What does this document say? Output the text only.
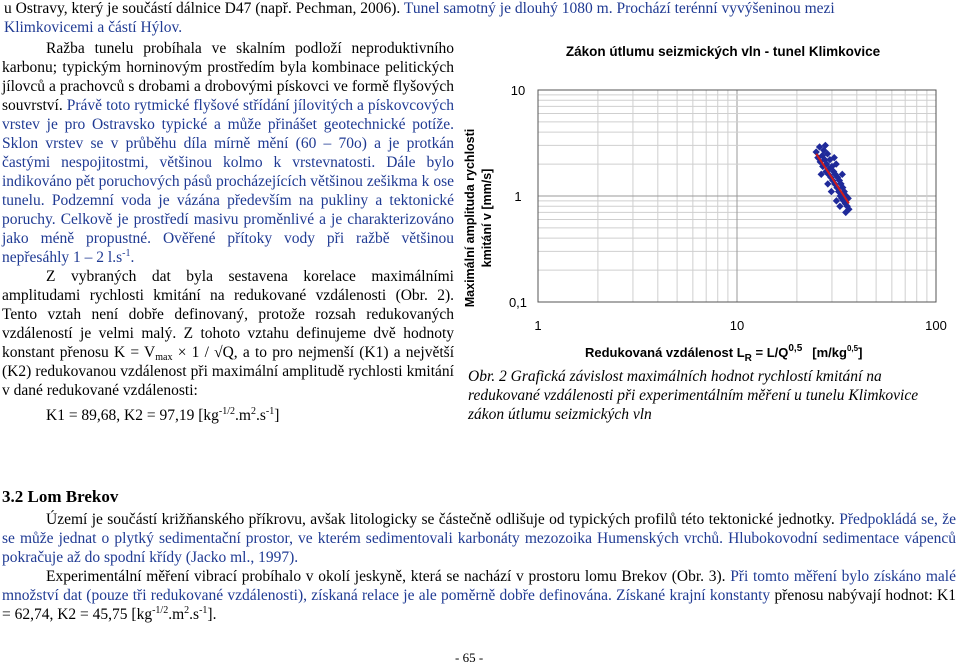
u Ostravy, který je součástí dálnice D47 (např. Pechman, 2006). Tunel samotný je dlouhý 1080 m. Prochází terénní vyvýšeninou mezi
Klimkovicemi a částí Hýlov.

Ražba tunelu probíhala ve skalním podloží neproduktivního karbonu; typickým horninovým prostředím byla kombinace pelitických jílovců a prachovců s drobami a drobovými pískovci ve formě flyšových souvrství. Právě toto rytmické flyšové střídání jílovitých a pískovcových vrstev je pro Ostravsko typické a může přinášet geotechnické potíže. Sklon vrstev se v průběhu díla mírně mění (60 – 70o) a je protkán častými nespojitostmi, většinou kolmo k vrstevnatosti. Dále bylo indikováno pět poruchových pásů procházejících většinou zešikma k ose tunelu. Podzemní voda je vázána především na pukliny a tektonické poruchy. Celkově je prostředí masivu proměnlivé a je charakterizováno jako méně propustné. Ověřené přítoky vody při ražbě většinou nepřesáhly 1 – 2 $l.s^{-1}$.

Z vybraných dat byla sestavena korelace maximálními amplitudami rychlosti kmitání na redukované vzdálenosti (Obr. 2). Tento vztah není dobře definovaný, protože rozsah redukovaných vzdáleností je velmi malý. Z tohoto vztahu definujeme dvě hodnoty konstant přenosu $K = V_{max} \times 1 / √Q$, a to pro nejmenší (K1) a největší (K2) redukovanou vzdálenost při maximální amplitudě rychlosti kmitání v dané redukované vzdálenosti:

K1 = 89,68, K2 = 97,19 $[kg^{-1/2}.m^2.s^{-1}]$

Zákon útlumu seizmických vln - tunel Klimkovice
10
1
0,1
1	10	100
Maximální amplituda rychlosti kmitání v [mm/s]
Redukovaná vzdálenost $L_R = L/Q^{0,5}$ [m/kg$^{0,5}$]
Obr. 2 Grafická závislost maximálních hodnot rychlostí kmitání na redukované vzdálenosti při experimentálním měření u tunelu Klimkovice zákon útlumu seizmických vln
3.2 Lom Brekov

Území je součástí križňanského příkrovu, avšak litologicky se částečně odlišuje od typických profilů této tektonické jednotky. Předpokládá se, že se může jednat o plytký sedimentační prostor, ve kterém sedimentovali karbonáty mezozoika Humenských vrchů. Hlubokovodní sedimentace vápenců pokračuje až do spodní křídy (Jacko ml., 1997).

Experimentální měření vibrací probíhalo v okolí jeskyně, která se nachází v prostoru lomu Brekov (Obr. 3). Při tomto měření bylo získáno malé množství dat (pouze tři redukované vzdálenosti), získaná relace je ale poměrně dobře definována. Získané krajní konstanty přenosu nabývají hodnot: K1 = 62,74, K2 = 45,75 $[kg^{-1/2}.m^2.s^{-1}]$.

- 65 -
